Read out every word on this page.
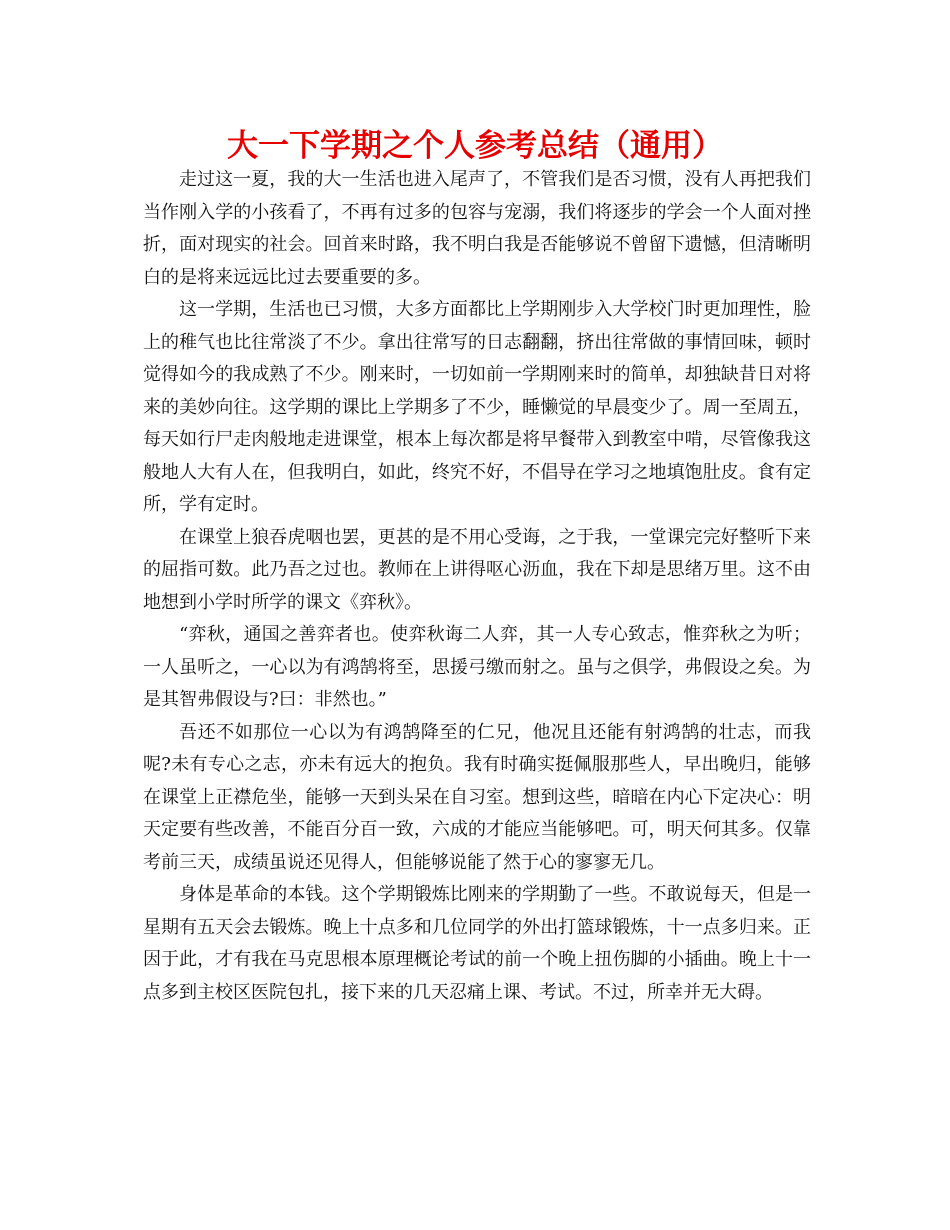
大一下学期之个人参考总结（通用）

走过这一夏，我的大一生活也进入尾声了，不管我们是否习惯，没有人再把我们当作刚入学的小孩看了，不再有过多的包容与宠溺，我们将逐步的学会一个人面对挫折，面对现实的社会。回首来时路，我不明白我是否能够说不曾留下遗憾，但清晰明白的是将来远远比过去要重要的多。

这一学期，生活也已习惯，大多方面都比上学期刚步入大学校门时更加理性，脸上的稚气也比往常淡了不少。拿出往常写的日志翻翻，挤出往常做的事情回味，顿时觉得如今的我成熟了不少。刚来时，一切如前一学期刚来时的简单，却独缺昔日对将来的美妙向往。这学期的课比上学期多了不少，睡懒觉的早晨变少了。周一至周五，每天如行尸走肉般地走进课堂，根本上每次都是将早餐带入到教室中啃，尽管像我这般地人大有人在，但我明白，如此，终究不好，不倡导在学习之地填饱肚皮。食有定所，学有定时。

在课堂上狼吞虎咽也罢，更甚的是不用心受诲，之于我，一堂课完完好整听下来的屈指可数。此乃吾之过也。教师在上讲得呕心沥血，我在下却是思绪万里。这不由地想到小学时所学的课文《弈秋》。

“弈秋，通国之善弈者也。使弈秋诲二人弈，其一人专心致志，惟弈秋之为听；一人虽听之，一心以为有鸿鹄将至，思援弓缴而射之。虽与之俱学，弗假设之矣。为是其智弗假设与?曰：非然也。”

吾还不如那位一心以为有鸿鹄降至的仁兄，他况且还能有射鸿鹄的壮志，而我呢?未有专心之志，亦未有远大的抱负。我有时确实挺佩服那些人，早出晚归，能够在课堂上正襟危坐，能够一天到头呆在自习室。想到这些，暗暗在内心下定决心：明天定要有些改善，不能百分百一致，六成的才能应当能够吧。可，明天何其多。仅靠考前三天，成绩虽说还见得人，但能够说能了然于心的寥寥无几。

身体是革命的本钱。这个学期锻炼比刚来的学期勤了一些。不敢说每天，但是一星期有五天会去锻炼。晚上十点多和几位同学的外出打篮球锻炼，十一点多归来。正因于此，才有我在马克思根本原理概论考试的前一个晚上扭伤脚的小插曲。晚上十一点多到主校区医院包扎，接下来的几天忍痛上课、考试。不过，所幸并无大碍。
